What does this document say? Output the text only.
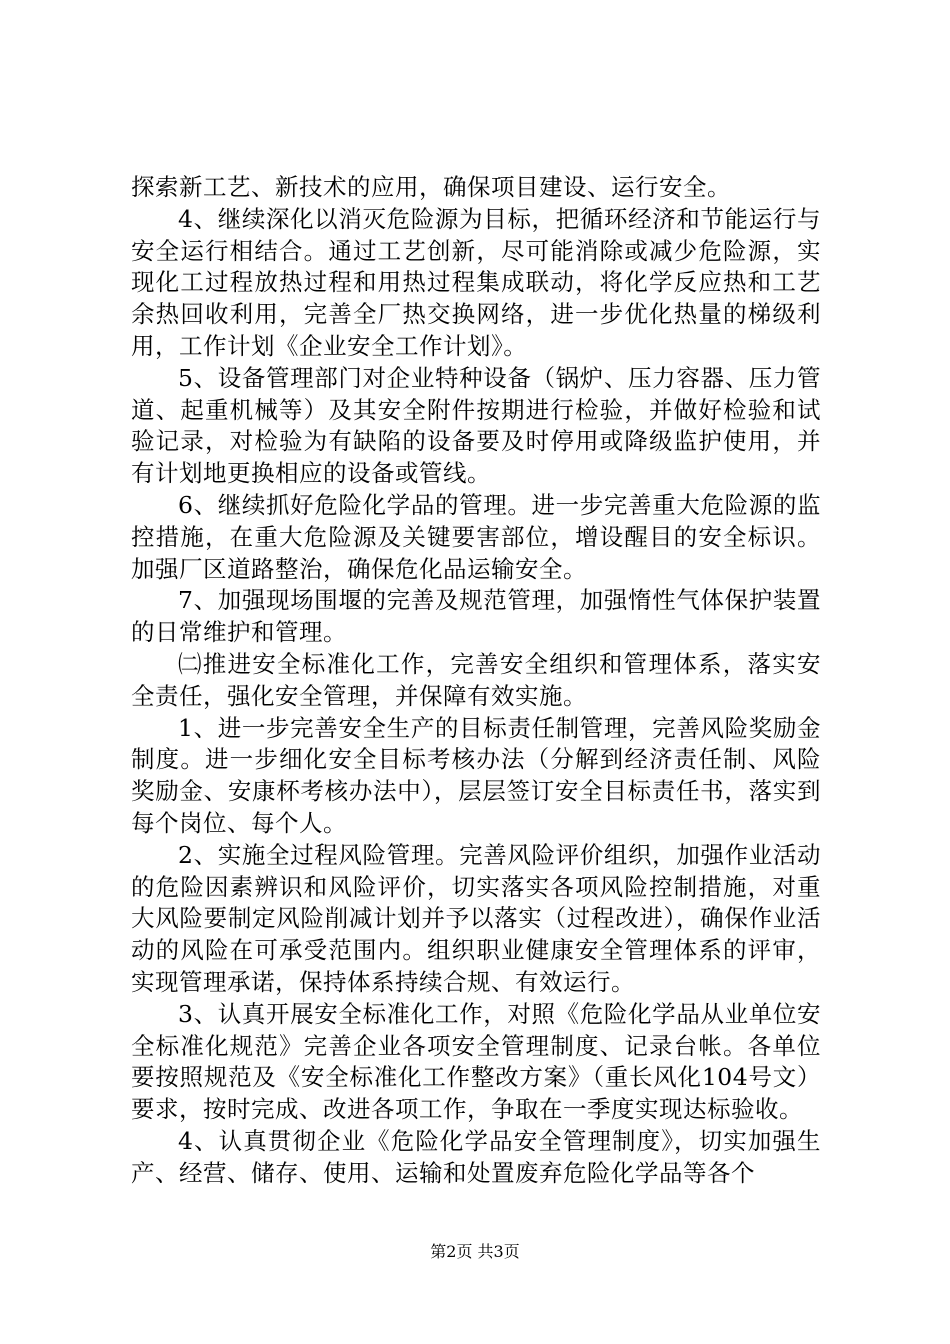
探索新工艺、新技术的应用，确保项目建设、运行安全。

4、继续深化以消灭危险源为目标，把循环经济和节能运行与安全运行相结合。通过工艺创新，尽可能消除或减少危险源，实现化工过程放热过程和用热过程集成联动，将化学反应热和工艺余热回收利用，完善全厂热交换网络，进一步优化热量的梯级利用，工作计划《企业安全工作计划》。

5、设备管理部门对企业特种设备（锅炉、压力容器、压力管道、起重机械等）及其安全附件按期进行检验，并做好检验和试验记录，对检验为有缺陷的设备要及时停用或降级监护使用，并有计划地更换相应的设备或管线。

6、继续抓好危险化学品的管理。进一步完善重大危险源的监控措施，在重大危险源及关键要害部位，增设醒目的安全标识。加强厂区道路整治，确保危化品运输安全。

7、加强现场围堰的完善及规范管理，加强惰性气体保护装置的日常维护和管理。

㈡推进安全标准化工作，完善安全组织和管理体系，落实安全责任，强化安全管理，并保障有效实施。

1、进一步完善安全生产的目标责任制管理，完善风险奖励金制度。进一步细化安全目标考核办法（分解到经济责任制、风险奖励金、安康杯考核办法中），层层签订安全目标责任书，落实到每个岗位、每个人。

2、实施全过程风险管理。完善风险评价组织，加强作业活动的危险因素辨识和风险评价，切实落实各项风险控制措施，对重大风险要制定风险削减计划并予以落实（过程改进），确保作业活动的风险在可承受范围内。组织职业健康安全管理体系的评审，实现管理承诺，保持体系持续合规、有效运行。

3、认真开展安全标准化工作，对照《危险化学品从业单位安全标准化规范》完善企业各项安全管理制度、记录台帐。各单位要按照规范及《安全标准化工作整改方案》（重长风化104号文）要求，按时完成、改进各项工作，争取在一季度实现达标验收。

4、认真贯彻企业《危险化学品安全管理制度》，切实加强生产、经营、储存、使用、运输和处置废弃危险化学品等各个

第2页 共3页
